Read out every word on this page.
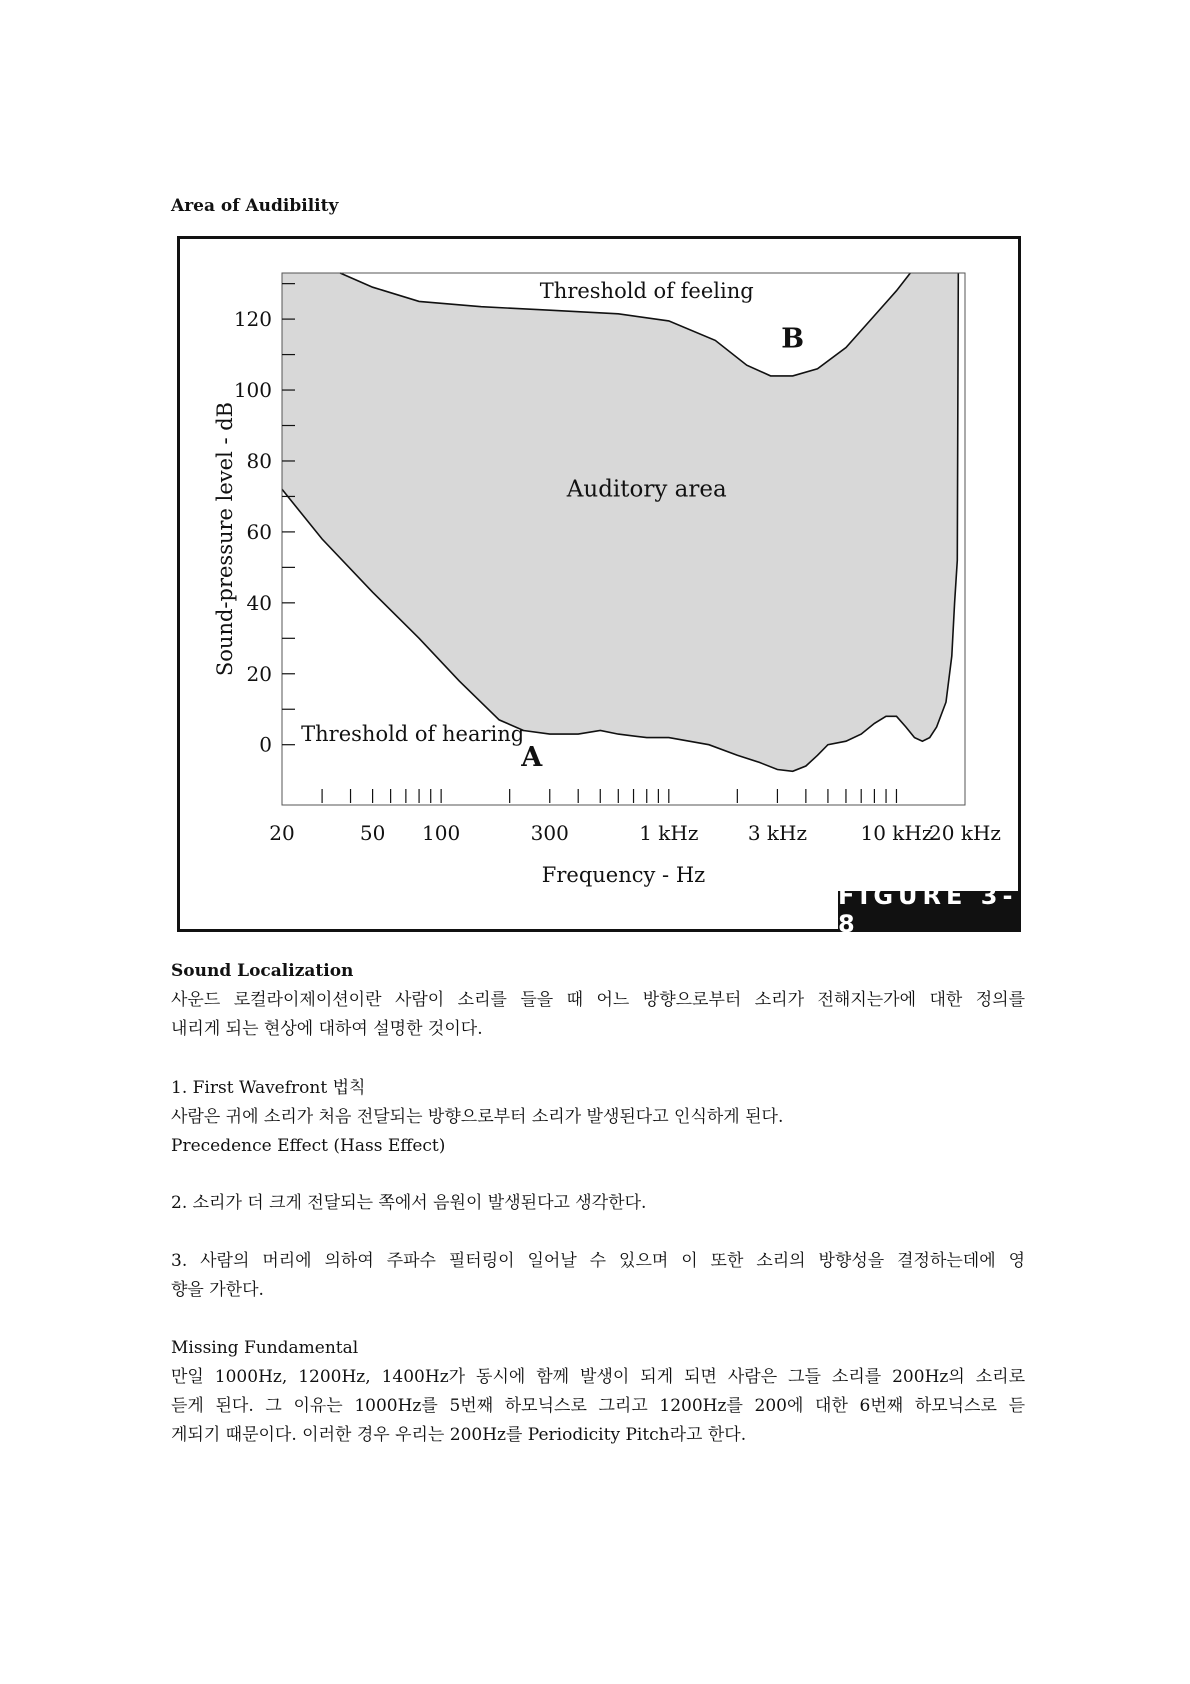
Area of Audibility
0
20
40
60
80
100
120
20	50 100	300	1 kHz 3 kHz	10 kHz
20 kHz
Frequency - Hz
Sound-pressure level - dB
Threshold of feeling
B
Auditory area
Threshold of hearing
A
FIGURE 3-8
Sound Localization
사운드 로컬라이제이션이란 사람이 소리를 들을 때 어느 방향으로부터 소리가 전해지는가에 대한 정의를
내리게 되는 현상에 대하여 설명한 것이다.
1. First Wavefront 법칙
사람은 귀에 소리가 처음 전달되는 방향으로부터 소리가 발생된다고 인식하게 된다.
Precedence Effect (Hass Effect)
2. 소리가 더 크게 전달되는 쪽에서 음원이 발생된다고 생각한다.
3. 사람의 머리에 의하여 주파수 필터링이 일어날 수 있으며 이 또한 소리의 방향성을 결정하는데에 영
향을 가한다.
Missing Fundamental
만일 1000Hz, 1200Hz, 1400Hz가 동시에 함께 발생이 되게 되면 사람은 그들 소리를 200Hz의 소리로
듣게 된다. 그 이유는 1000Hz를 5번째 하모닉스로 그리고 1200Hz를 200에 대한 6번째 하모닉스로 듣
게되기 때문이다. 이러한 경우 우리는 200Hz를 Periodicity Pitch라고 한다.
